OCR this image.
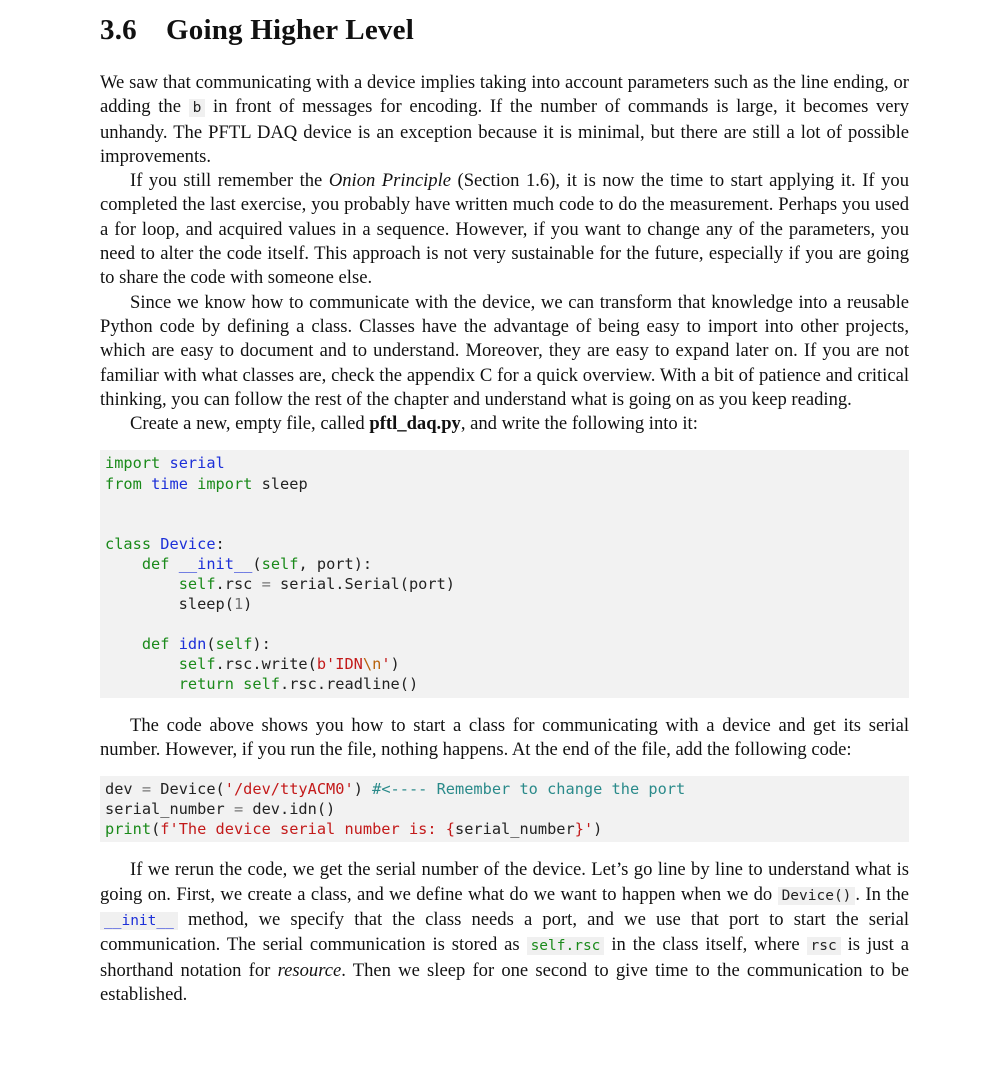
3.6 Going Higher Level

We saw that communicating with a device implies taking into account parameters such as the line ending, or adding the b in front of messages for encoding. If the number of commands is large, it becomes very unhandy. The PFTL DAQ device is an exception because it is minimal, but there are still a lot of possible improvements.

If you still remember the Onion Principle (Section 1.6), it is now the time to start applying it. If you completed the last exercise, you probably have written much code to do the measurement. Perhaps you used a for loop, and acquired values in a sequence. However, if you want to change any of the parameters, you need to alter the code itself. This approach is not very sustainable for the future, especially if you are going to share the code with someone else.

Since we know how to communicate with the device, we can transform that knowledge into a reusable Python code by defining a class. Classes have the advantage of being easy to import into other projects, which are easy to document and to understand. Moreover, they are easy to expand later on. If you are not familiar with what classes are, check the appendix C for a quick overview. With a bit of patience and critical thinking, you can follow the rest of the chapter and understand what is going on as you keep reading.

Create a new, empty file, called pftl_daq.py, and write the following into it:

import serial
from time import sleep

class Device:
def __init__(self, port):
self.rsc = serial.Serial(port)
sleep(1)

def idn(self):
self.rsc.write(b'IDN\n')
return self.rsc.readline()

The code above shows you how to start a class for communicating with a device and get its serial number. However, if you run the file, nothing happens. At the end of the file, add the following code:

dev = Device('/dev/ttyACM0') #<---- Remember to change the port
serial_number = dev.idn()
print(f'The device serial number is: {serial_number}')

If we rerun the code, we get the serial number of the device. Let’s go line by line to understand what is going on. First, we create a class, and we define what do we want to happen when we do Device() . In the __init__ method, we specify that the class needs a port, and we use that port to start the serial communication. The serial communication is stored as self.rsc in the class itself, where rsc is just a shorthand notation for resource. Then we sleep for one second to give time to the communication to be established.
